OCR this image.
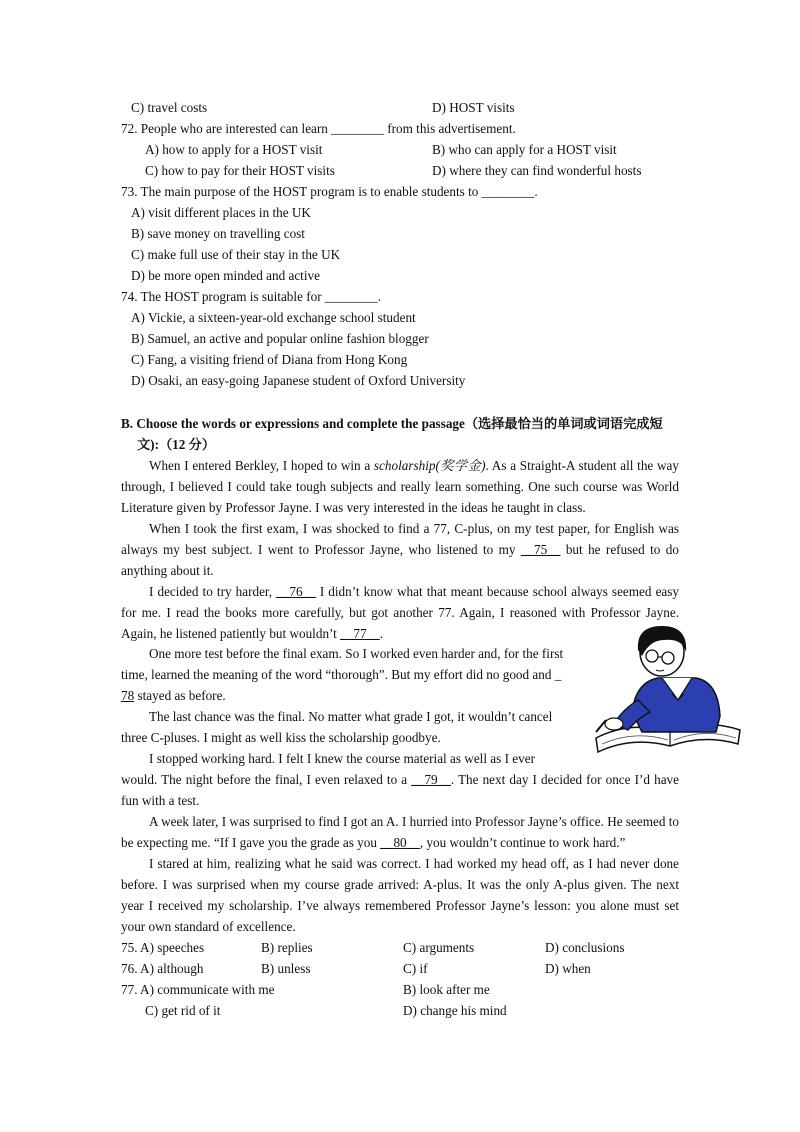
C) travel costs	D) HOST visits
72. People who are interested can learn ________ from this advertisement.
A) how to apply for a HOST visit	B) who can apply for a HOST visit
C) how to pay for their HOST visits	D) where they can find wonderful hosts
73. The main purpose of the HOST program is to enable students to ________.
A) visit different places in the UK
B) save money on travelling cost
C) make full use of their stay in the UK
D) be more open minded and active
74. The HOST program is suitable for ________.
A) Vickie, a sixteen-year-old exchange school student
B) Samuel, an active and popular online fashion blogger
C) Fang, a visiting friend of Diana from Hong Kong
D) Osaki, an easy-going Japanese student of Oxford University
B. Choose the words or expressions and complete the passage（选择最恰当的单词或词语完成短
文):（12 分）

When I entered Berkley, I hoped to win a scholarship(奖学金). As a Straight-A student all the way through, I believed I could take tough subjects and really learn something. One such course was World Literature given by Professor Jayne. I was very interested in the ideas he taught in class.

When I took the first exam, I was shocked to find a 77, C-plus, on my test paper, for English was always my best subject. I went to Professor Jayne, who listened to my __75__ but he refused to do anything about it.

I decided to try harder, __76__ I didn’t know what that meant because school always seemed easy for me. I read the books more carefully, but got another 77. Again, I reasoned with Professor Jayne. Again, he listened patiently but wouldn’t __77__.

One more test before the final exam. So I worked even harder and, for the first
time, learned the meaning of the word “thorough”. But my effort did no good and _
78 stayed as before.
The last chance was the final. No matter what grade I got, it wouldn’t cancel
three C-pluses. I might as well kiss the scholarship goodbye.
I stopped working hard. I felt I knew the course material as well as I ever

would. The night before the final, I even relaxed to a __79__. The next day I decided for once I’d have fun with a test.

A week later, I was surprised to find I got an A. I hurried into Professor Jayne’s office. He seemed to be expecting me. “If I gave you the grade as you __80__, you wouldn’t continue to work hard.”

I stared at him, realizing what he said was correct. I had worked my head off, as I had never done before. I was surprised when my course grade arrived: A-plus. It was the only A-plus given. The next year I received my scholarship. I’ve always remembered Professor Jayne’s lesson: you alone must set your own standard of excellence.

75. A) speeches	B) replies	C) arguments	D) conclusions
76. A) although	B) unless	C) if	D) when
77. A) communicate with me	B) look after me
C) get rid of it	D) change his mind
